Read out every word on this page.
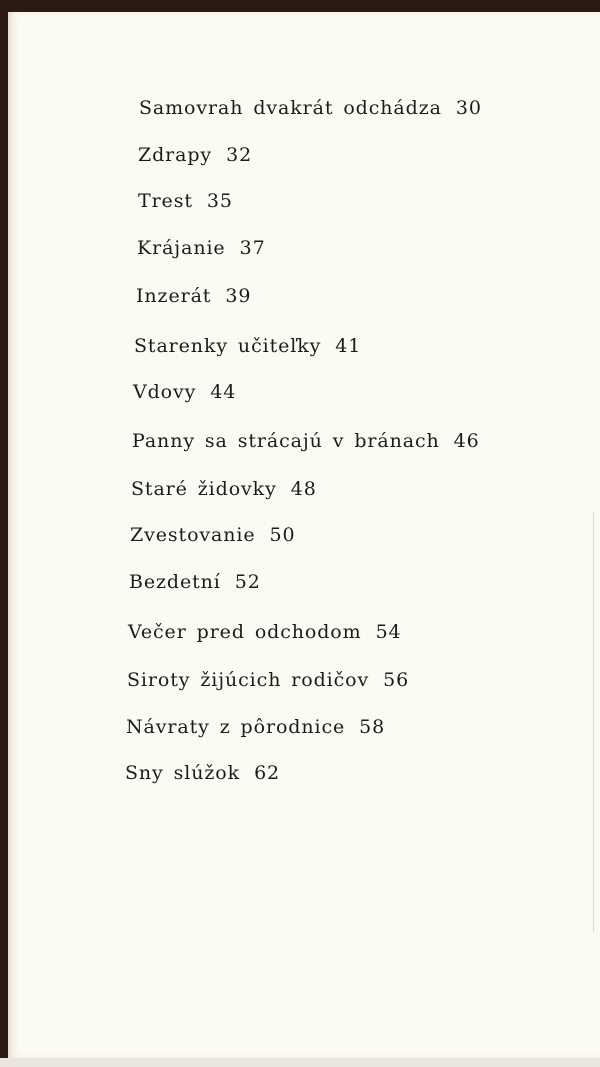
Samovrah dvakrát odchádza 30
Zdrapy 32
Trest 35
Krájanie 37
Inzerát 39
Starenky učiteľky 41
Vdovy 44
Panny sa strácajú v bránach 46
Staré židovky 48
Zvestovanie 50
Bezdetní 52
Večer pred odchodom 54
Siroty žijúcich rodičov 56
Návraty z pôrodnice 58
Sny slúžok 62
